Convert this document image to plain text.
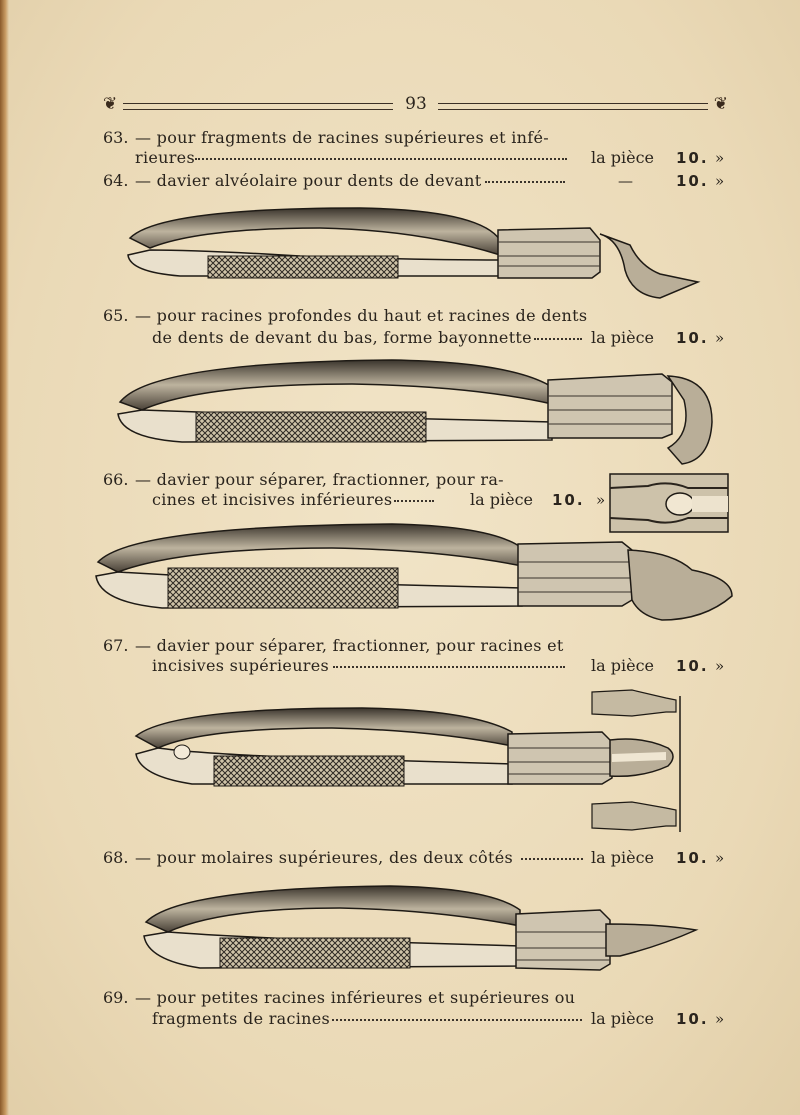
❦	93	❦
63. — pour fragments de racines supérieures et infé-
rieures	la pièce 10. »
64. — davier alvéolaire pour dents de devant	—	10. »
65. — pour racines profondes du haut et racines de dents
de dents de devant du bas, forme bayonnette	la pièce 10. »
66. — davier pour séparer, fractionner, pour ra-
cines et incisives inférieures	la pièce 10. »
67. — davier pour séparer, fractionner, pour racines et
incisives supérieures	la pièce 10. »
68. — pour molaires supérieures, des deux côtés	la pièce 10. »
69. — pour petites racines inférieures et supérieures ou
fragments de racines	la pièce 10. »
